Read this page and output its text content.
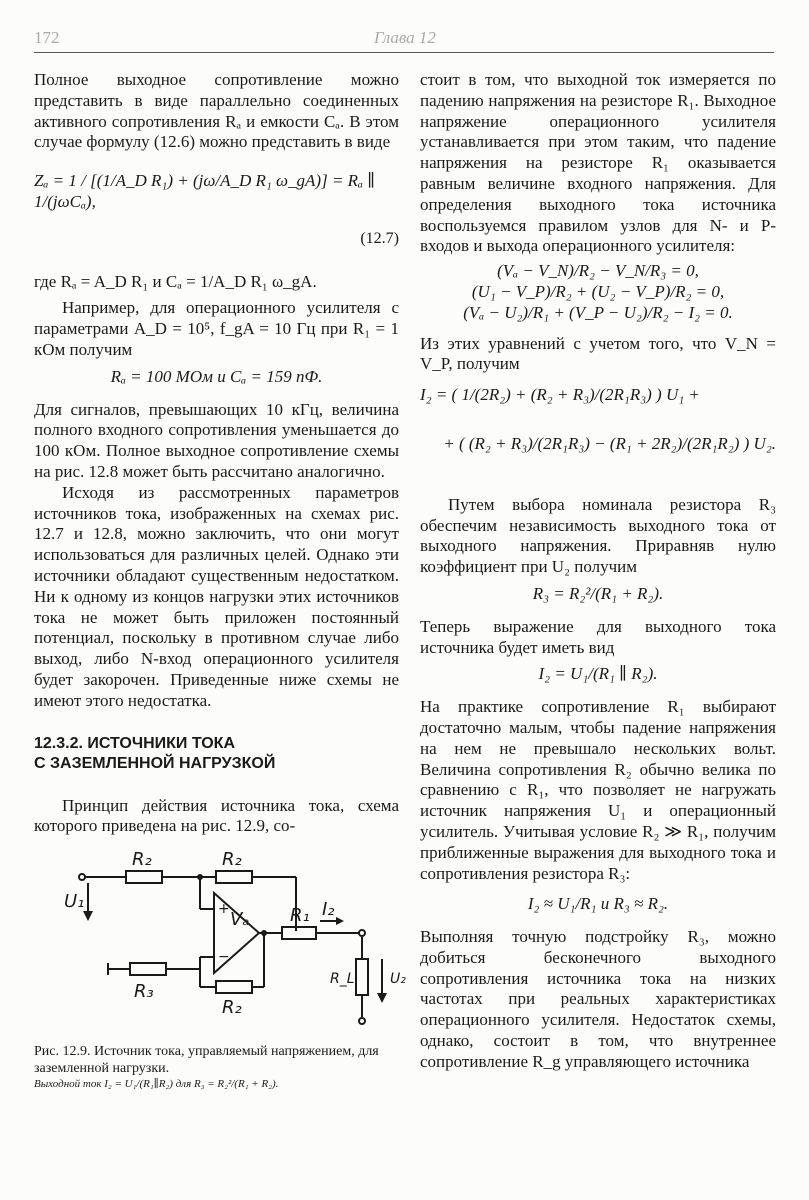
172	Глава 12

Полное выходное сопротивление можно представить в виде параллельно соединенных активного сопротивления Rₐ и емкости Cₐ. В этом случае формулу (12.6) можно представить в виде

Zₐ = 1 / [(1/A_D R₁) + (jω/A_D R₁ ω_gA)] = Rₐ ∥ 1/(jωCₐ),

(12.7)

где Rₐ = A_D R₁ и Cₐ = 1/A_D R₁ ω_gA.

Например, для операционного усилителя с параметрами A_D = 10⁵, f_gA = 10 Гц при R₁ = 1 кОм получим

Rₐ = 100 МОм и Cₐ = 159 пФ.

Для сигналов, превышающих 10 кГц, величина полного входного сопротивления уменьшается до 100 кОм. Полное выходное сопротивление схемы на рис. 12.8 может быть рассчитано аналогично.

Исходя из рассмотренных параметров источников тока, изображенных на схемах рис. 12.7 и 12.8, можно заключить, что они могут использоваться для различных целей. Однако эти источники обладают существенным недостатком. Ни к одному из концов нагрузки этих источников тока не может быть приложен постоянный потенциал, поскольку в противном случае либо выход, либо N-вход операционного усилителя будет закорочен. Приведенные ниже схемы не имеют этого недостатка.

12.3.2. ИСТОЧНИКИ ТОКА

С ЗАЗЕМЛЕННОЙ НАГРУЗКОЙ

Принцип действия источника тока, схема которого приведена на рис. 12.9, со-

U₁
R₂	R₂
Vₐ R₁ I₂
R₃
R₂
R_L	U₂
+
−

Рис. 12.9. Источник тока, управляемый напряжением, для заземленной нагрузки.

Выходной ток I₂ = U₁/(R₁∥R₂) для R₃ = R₂²/(R₁ + R₂).

стоит в том, что выходной ток измеряется по падению напряжения на резисторе R₁. Выходное напряжение операционного усилителя устанавливается при этом таким, что падение напряжения на резисторе R₁ оказывается равным величине входного напряжения. Для определения выходного тока источника воспользуемся правилом узлов для N- и P-входов и выхода операционного усилителя:

(Vₐ − V_N)/R₂ − V_N/R₃ = 0,

(U₁ − V_P)/R₂ + (U₂ − V_P)/R₂ = 0,

(Vₐ − U₂)/R₁ + (V_P − U₂)/R₂ − I₂ = 0.

Из этих уравнений с учетом того, что V_N = V_P, получим

I₂ = ( 1/(2R₂) + (R₂ + R₃)/(2R₁R₃) ) U₁ +

+ ( (R₂ + R₃)/(2R₁R₃) − (R₁ + 2R₂)/(2R₁R₂) ) U₂.

Путем выбора номинала резистора R₃ обеспечим независимость выходного тока от выходного напряжения. Приравняв нулю коэффициент при U₂ получим

R₃ = R₂²/(R₁ + R₂).

Теперь выражение для выходного тока источника будет иметь вид

I₂ = U₁/(R₁ ∥ R₂).

На практике сопротивление R₁ выбирают достаточно малым, чтобы падение напряжения на нем не превышало нескольких вольт. Величина сопротивления R₂ обычно велика по сравнению с R₁, что позволяет не нагружать источник напряжения U₁ и операционный усилитель. Учитывая условие R₂ ≫ R₁, получим приближенные выражения для выходного тока и сопротивления резистора R₃:

I₂ ≈ U₁/R₁ и R₃ ≈ R₂.

Выполняя точную подстройку R₃, можно добиться бесконечного выходного сопротивления источника тока на низких частотах при реальных характеристиках операционного усилителя. Недостаток схемы, однако, состоит в том, что внутреннее сопротивление R_g управляющего источника
